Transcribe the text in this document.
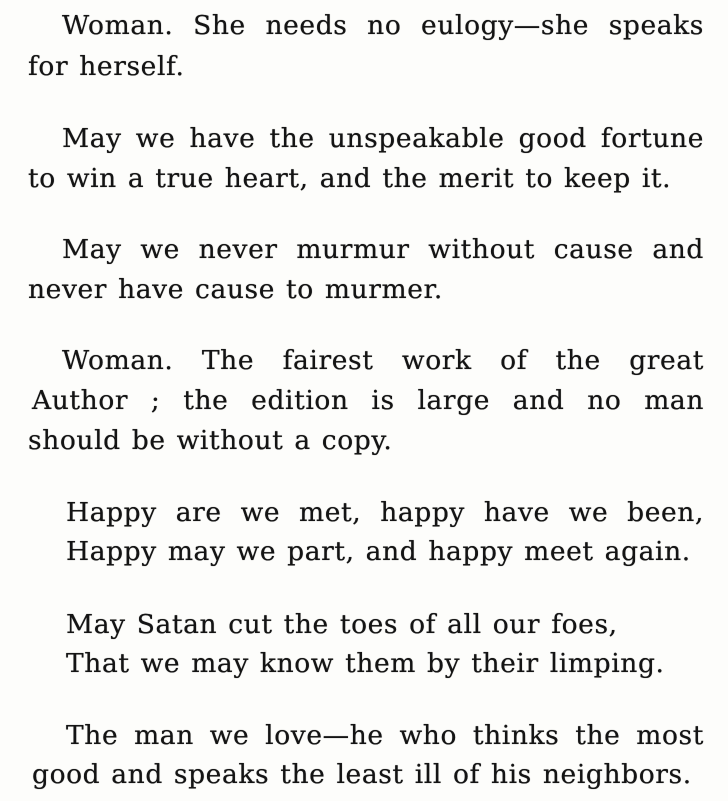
Woman. She needs no eulogy—she speaks
for herself.
May we have the unspeakable good fortune
to win a true heart, and the merit to keep it.
May we never murmur without cause and
never have cause to murmer.
Woman. The fairest work of the great
Author ; the edition is large and no man
should be without a copy.
Happy are we met, happy have we been,
Happy may we part, and happy meet again.
May Satan cut the toes of all our foes,
That we may know them by their limping.
The man we love—he who thinks the most
good and speaks the least ill of his neighbors.
